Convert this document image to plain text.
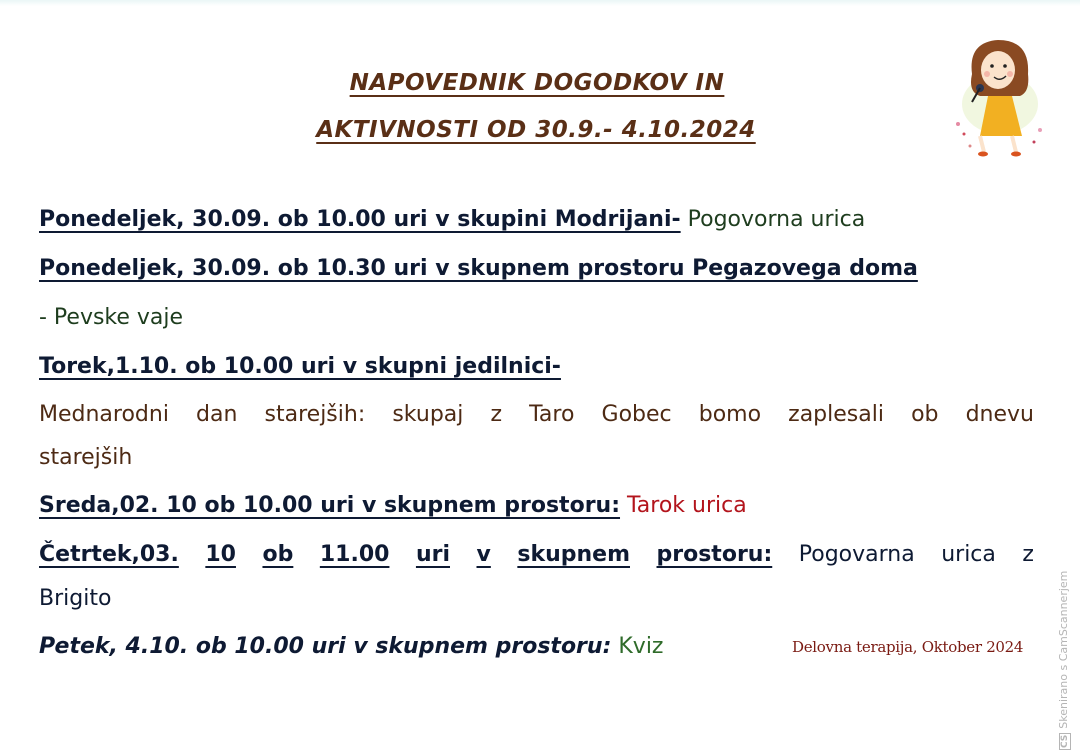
NAPOVEDNIK DOGODKOV IN
AKTIVNOSTI OD 30.9.- 4.10.2024
Ponedeljek, 30.09. ob 10.00 uri v skupini Modrijani- Pogovorna urica
Ponedeljek, 30.09. ob 10.30 uri v skupnem prostoru Pegazovega doma
- Pevske vaje
Torek,1.10. ob 10.00 uri v skupni jedilnici-
Mednarodni dan starejših: skupaj z Taro Gobec bomo zaplesali ob dnevu
starejših
Sreda,02. 10 ob 10.00 uri v skupnem prostoru: Tarok urica
Četrtek,03. 10 ob 11.00 uri v skupnem prostoru: Pogovarna urica z
Brigito
Petek, 4.10. ob 10.00 uri v skupnem prostoru: Kviz	Delovna terapija, Oktober 2024
CSSkenirano s CamScannerjem
